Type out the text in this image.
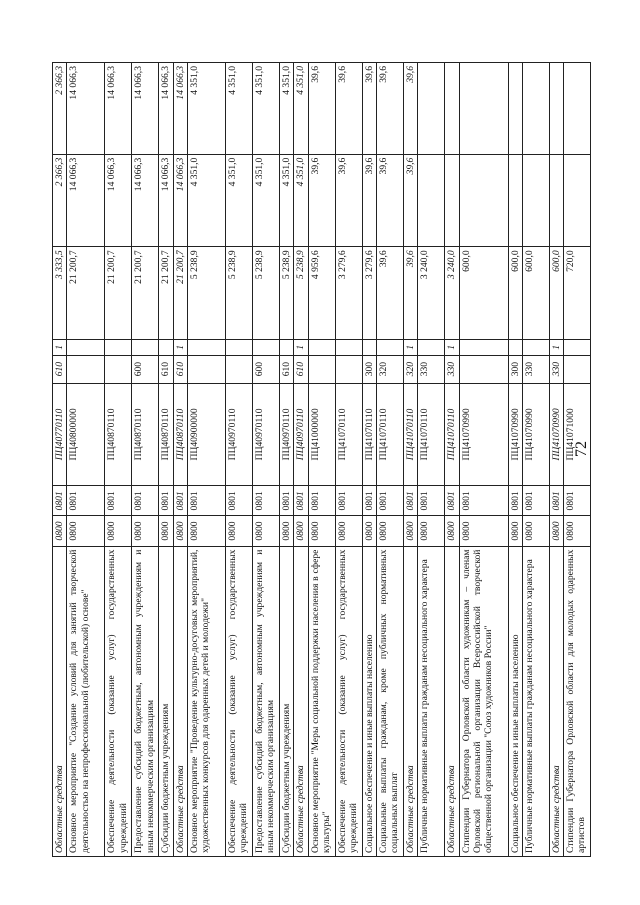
72
Областные средства	0800	0801	ПЦ40770110	610	1	3 333,5	2 366,3	2 366,3
Основное мероприятие "Создание условий для занятий творческой деятельностью на непрофессиональной (любительской) основе"	0800	0801	ПЦ40800000			21 200,7	14 066,3	14 066,3
Обеспечение деятельности (оказание услуг) государственных учреждений	0800	0801	ПЦ40870110			21 200,7	14 066,3	14 066,3
Предоставление субсидий бюджетным, автономным учреждениям и иным некоммерческим организациям	0800	0801	ПЦ40870110	600		21 200,7	14 066,3	14 066,3
Субсидии бюджетным учреждениям	0800	0801	ПЦ40870110	610		21 200,7	14 066,3	14 066,3
Областные средства	0800	0801	ПЦ40870110	610	1	21 200,7	14 066,3	14 066,3
Основное мероприятие "Проведение культурно-досуговых мероприятий, художественных конкурсов для одаренных детей и молодежи"	0800	0801	ПЦ40900000			5 238,9	4 351,0	4 351,0
Обеспечение деятельности (оказание услуг) государственных учреждений	0800	0801	ПЦ40970110			5 238,9	4 351,0	4 351,0
Предоставление субсидий бюджетным, автономным учреждениям и иным некоммерческим организациям	0800	0801	ПЦ40970110	600		5 238,9	4 351,0	4 351,0
Субсидии бюджетным учреждениям	0800	0801	ПЦ40970110	610		5 238,9	4 351,0	4 351,0
Областные средства	0800	0801	ПЦ40970110	610	1	5 238,9	4 351,0	4 351,0
Основное мероприятие "Меры социальной поддержки населения в сфере культуры"	0800	0801	ПЦ41000000			4 959,6	39,6	39,6
Обеспечение деятельности (оказание услуг) государственных учреждений	0800	0801	ПЦ41070110			3 279,6	39,6	39,6
Социальное обеспечение и иные выплаты населению	0800	0801	ПЦ41070110	300		3 279,6	39,6	39,6
Социальные выплаты гражданам, кроме публичных нормативных социальных выплат	0800	0801	ПЦ41070110	320		39,6	39,6	39,6
Областные средства	0800	0801	ПЦ41070110	320	1	39,6	39,6	39,6
Публичные нормативные выплаты гражданам несоциального характера	0800	0801	ПЦ41070110	330		3 240,0		
Областные средства	0800	0801	ПЦ41070110	330	1	3 240,0		
Стипендии Губернатора Орловской области художникам – членам Орловской региональной организации Всероссийской творческой общественной организации "Союз художников России"	0800	0801	ПЦ41070990			600,0		
Социальное обеспечение и иные выплаты населению	0800	0801	ПЦ41070990	300		600,0		
Публичные нормативные выплаты гражданам несоциального характера	0800	0801	ПЦ41070990	330		600,0		
Областные средства	0800	0801	ПЦ41070990	330	1	600,0		
Стипендии Губернатора Орловской области для молодых одаренных артистов	0800	0801	ПЦ41071000			720,0		
